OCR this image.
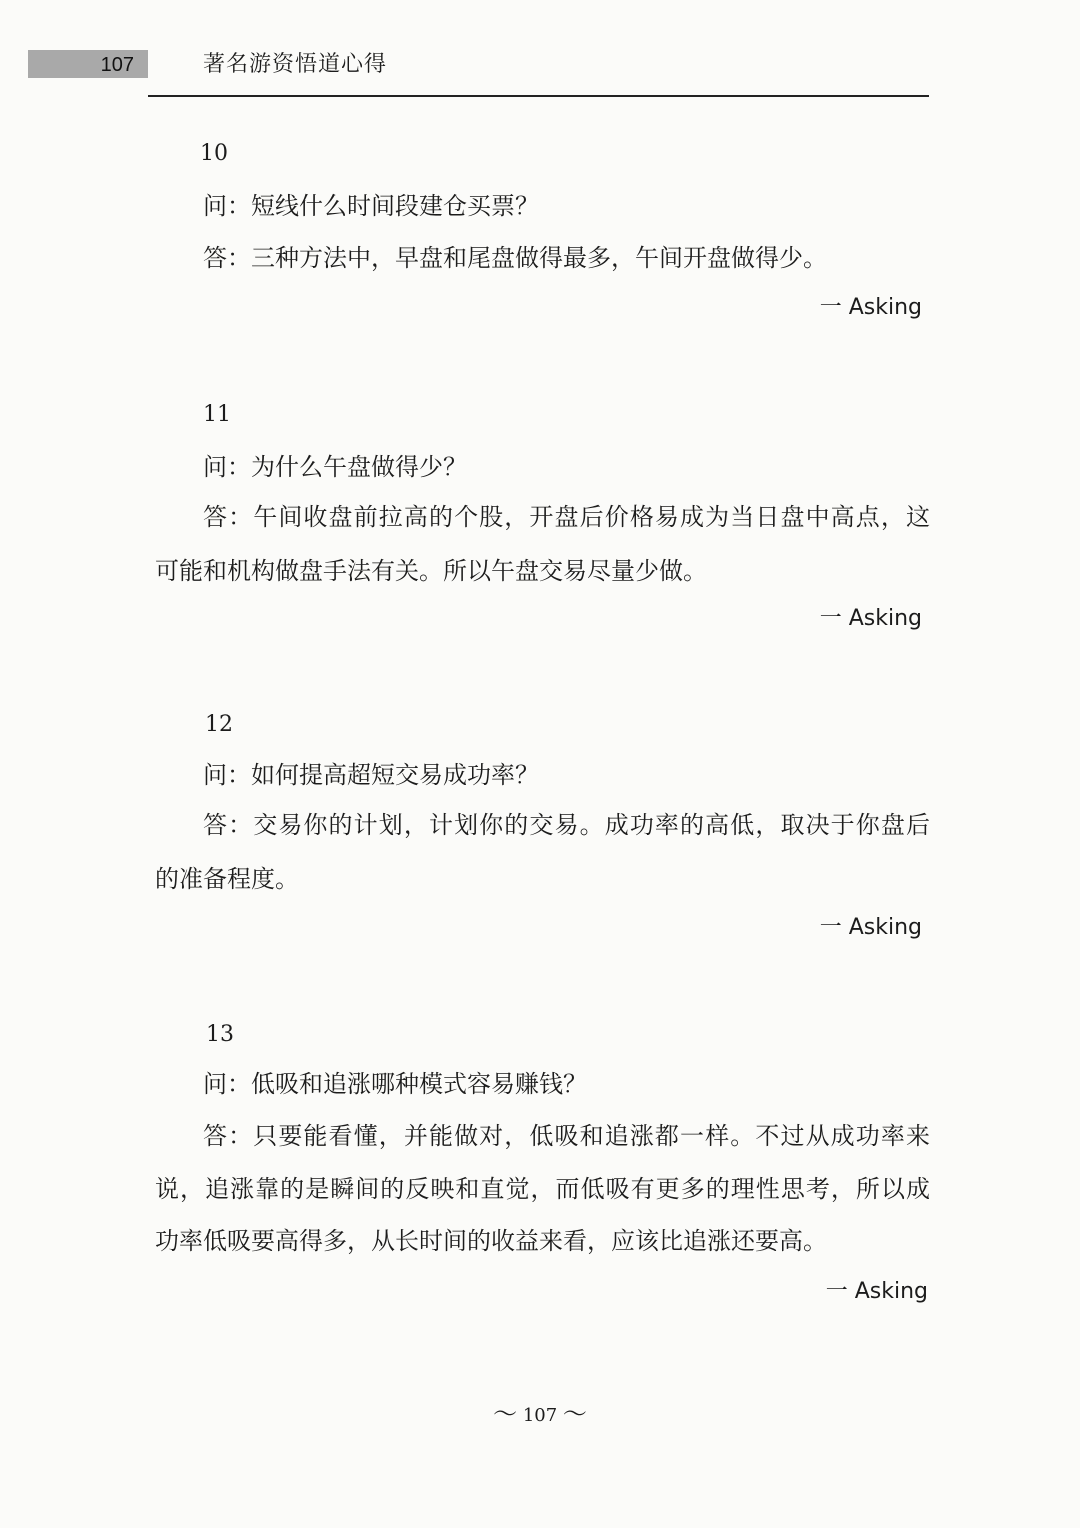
107	著名游资悟道心得
10
问：短线什么时间段建仓买票？
答：三种方法中，早盘和尾盘做得最多，午间开盘做得少。
一 Asking
11
问：为什么午盘做得少？
答：午间收盘前拉高的个股，开盘后价格易成为当日盘中高点，这
可能和机构做盘手法有关。所以午盘交易尽量少做。
一 Asking
12
问：如何提高超短交易成功率？
答：交易你的计划，计划你的交易。成功率的高低，取决于你盘后
的准备程度。
一 Asking
13
问：低吸和追涨哪种模式容易赚钱？
答：只要能看懂，并能做对，低吸和追涨都一样。不过从成功率来
说，追涨靠的是瞬间的反映和直觉，而低吸有更多的理性思考，所以成
功率低吸要高得多，从长时间的收益来看，应该比追涨还要高。
一 Asking
～ 107 ～
